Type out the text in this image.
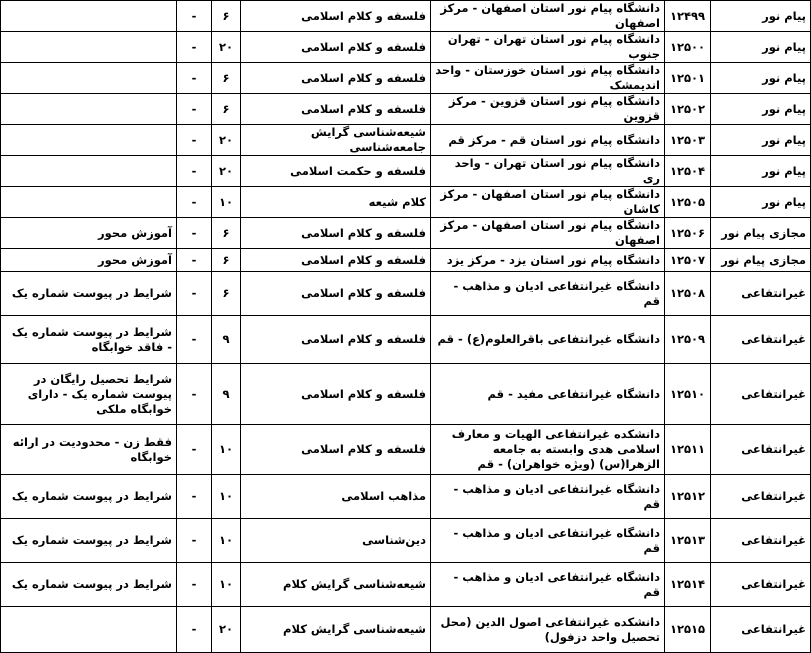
پیام نور	۱۲۴۹۹	دانشگاه پیام نور استان اصفهان - مرکز اصفهان	فلسفه و کلام اسلامی	۶	-	
پیام نور	۱۲۵۰۰	دانشگاه پیام نور استان تهران - تهران جنوب	فلسفه و کلام اسلامی	۲۰	-	
پیام نور	۱۲۵۰۱	دانشگاه پیام نور استان خوزستان - واحد اندیمشک	فلسفه و کلام اسلامی	۶	-	
پیام نور	۱۲۵۰۲	دانشگاه پیام نور استان قزوین - مرکز قزوین	فلسفه و کلام اسلامی	۶	-	
پیام نور	۱۲۵۰۳	دانشگاه پیام نور استان قم - مرکز قم	شیعه‌شناسی گرایش جامعه‌شناسی	۲۰	-	
پیام نور	۱۲۵۰۴	دانشگاه پیام نور استان تهران - واحد ری	فلسفه و حکمت اسلامی	۲۰	-	
پیام نور	۱۲۵۰۵	دانشگاه پیام نور استان اصفهان - مرکز کاشان	کلام شیعه	۱۰	-	
مجازی پیام نور	۱۲۵۰۶	دانشگاه پیام نور استان اصفهان - مرکز اصفهان	فلسفه و کلام اسلامی	۶	-	آموزش محور
مجازی پیام نور	۱۲۵۰۷	دانشگاه پیام نور استان یزد - مرکز یزد	فلسفه و کلام اسلامی	۶	-	آموزش محور
غیرانتفاعی	۱۲۵۰۸	دانشگاه غیرانتفاعی ادیان و مذاهب - قم	فلسفه و کلام اسلامی	۶	-	شرایط در پیوست شماره یک
غیرانتفاعی	۱۲۵۰۹	دانشگاه غیرانتفاعی باقرالعلوم(ع) - قم	فلسفه و کلام اسلامی	۹	-	شرایط در پیوست شماره یک - فاقد خوابگاه
غیرانتفاعی	۱۲۵۱۰	دانشگاه غیرانتفاعی مفید - قم	فلسفه و کلام اسلامی	۹	-	شرایط تحصیل رایگان در پیوست شماره یک - دارای خوابگاه ملکی
غیرانتفاعی	۱۲۵۱۱	دانشکده غیرانتفاعی الهیات و معارف اسلامی هدی وابسته به جامعه الزهرا(س) (ویژه خواهران) - قم	فلسفه و کلام اسلامی	۱۰	-	فقط زن - محدودیت در ارائه خوابگاه
غیرانتفاعی	۱۲۵۱۲	دانشگاه غیرانتفاعی ادیان و مذاهب - قم	مذاهب اسلامی	۱۰	-	شرایط در پیوست شماره یک
غیرانتفاعی	۱۲۵۱۳	دانشگاه غیرانتفاعی ادیان و مذاهب - قم	دین‌شناسی	۱۰	-	شرایط در پیوست شماره یک
غیرانتفاعی	۱۲۵۱۴	دانشگاه غیرانتفاعی ادیان و مذاهب - قم	شیعه‌شناسی گرایش کلام	۱۰	-	شرایط در پیوست شماره یک
غیرانتفاعی	۱۲۵۱۵	دانشکده غیرانتفاعی اصول الدین (محل تحصیل واحد دزفول)	شیعه‌شناسی گرایش کلام	۲۰	-	
